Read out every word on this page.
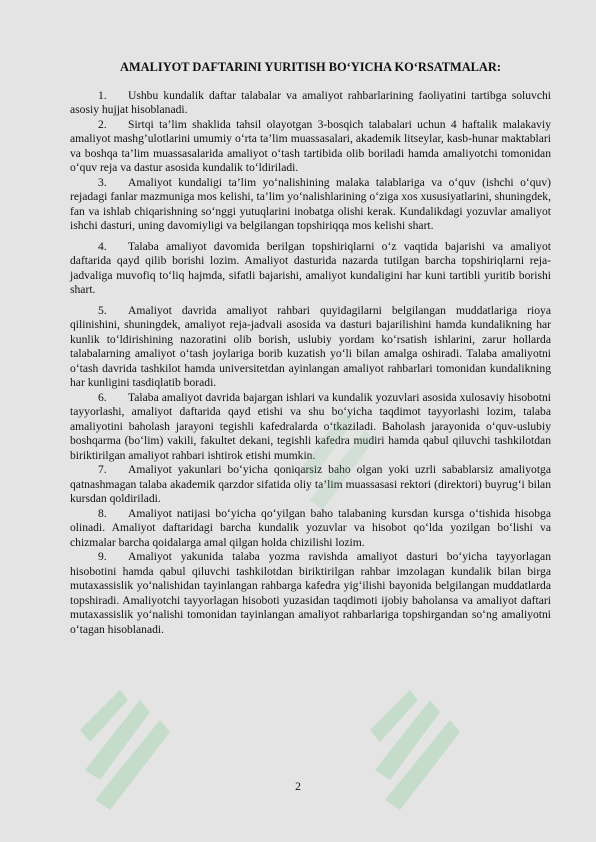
AMALIYOT DAFTARINI YURITISH BO‘YICHA KO‘RSATMALAR:

1. Ushbu kundalik daftar talabalar va amaliyot rahbarlarining faoliyatini tartibga soluvchi asosiy hujjat hisoblanadi.

2. Sirtqi ta’lim shaklida tahsil olayotgan 3-bosqich talabalari uchun 4 haftalik malakaviy amaliyot mashg’ulotlarini umumiy o‘rta ta’lim muassasalari, akademik litseylar, kasb-hunar maktablari va boshqa ta’lim muassasalarida amaliyot o‘tash tartibida olib boriladi hamda amaliyotchi tomonidan o‘quv reja va dastur asosida kundalik to‘ldiriladi.

3. Amaliyot kundaligi ta’lim yo‘nalishining malaka talablariga va o‘quv (ishchi o‘quv) rejadagi fanlar mazmuniga mos kelishi, ta’lim yo‘nalishlarining o‘ziga xos xususiyatlarini, shuningdek, fan va ishlab chiqarishning so‘nggi yutuqlarini inobatga olishi kerak. Kundalikdagi yozuvlar amaliyot ishchi dasturi, uning davomiyligi va belgilangan topshiriqqa mos kelishi shart.

4. Talaba amaliyot davomida berilgan topshiriqlarni o‘z vaqtida bajarishi va amaliyot daftarida qayd qilib borishi lozim. Amaliyot dasturida nazarda tutilgan barcha topshiriqlarni reja-jadvaliga muvofiq to‘liq hajmda, sifatli bajarishi, amaliyot kundaligini har kuni tartibli yuritib borishi shart.

5. Amaliyot davrida amaliyot rahbari quyidagilarni belgilangan muddatlariga rioya qilinishini, shuningdek, amaliyot reja-jadvali asosida va dasturi bajarilishini hamda kundalikning har kunlik to‘ldirishining nazoratini olib borish, uslubiy yordam ko‘rsatish ishlarini, zarur hollarda talabalarning amaliyot o‘tash joylariga borib kuzatish yo‘li bilan amalga oshiradi. Talaba amaliyotni o‘tash davrida tashkilot hamda universitetdan ayinlangan amaliyot rahbarlari tomonidan kundalikning har kunligini tasdiqlatib boradi.

6. Talaba amaliyot davrida bajargan ishlari va kundalik yozuvlari asosida xulosaviy hisobotni tayyorlashi, amaliyot daftarida qayd etishi va shu bo‘yicha taqdimot tayyorlashi lozim, talaba amaliyotini baholash jarayoni tegishli kafedralarda o‘tkaziladi. Baholash jarayonida o‘quv-uslubiy boshqarma (bo‘lim) vakili, fakultet dekani, tegishli kafedra mudiri hamda qabul qiluvchi tashkilotdan biriktirilgan amaliyot rahbari ishtirok etishi mumkin.

7. Amaliyot yakunlari bo‘yicha qoniqarsiz baho olgan yoki uzrli sabablarsiz amaliyotga qatnashmagan talaba akademik qarzdor sifatida oliy ta’lim muassasasi rektori (direktori) buyrug‘i bilan kursdan qoldiriladi.

8. Amaliyot natijasi bo‘yicha qo‘yilgan baho talabaning kursdan kursga o‘tishida hisobga olinadi. Amaliyot daftaridagi barcha kundalik yozuvlar va hisobot qo‘lda yozilgan bo‘lishi va chizmalar barcha qoidalarga amal qilgan holda chizilishi lozim.

9. Amaliyot yakunida talaba yozma ravishda amaliyot dasturi bo‘yicha tayyorlagan hisobotini hamda qabul qiluvchi tashkilotdan biriktirilgan rahbar imzolagan kundalik bilan birga mutaxassislik yo‘nalishidan tayinlangan rahbarga kafedra yig‘ilishi bayonida belgilangan muddatlarda topshiradi. Amaliyotchi tayyorlagan hisoboti yuzasidan taqdimoti ijobiy baholansa va amaliyot daftari mutaxassislik yo‘nalishi tomonidan tayinlangan amaliyot rahbarlariga topshirgandan so‘ng amaliyotni o‘tagan hisoblanadi.

2
